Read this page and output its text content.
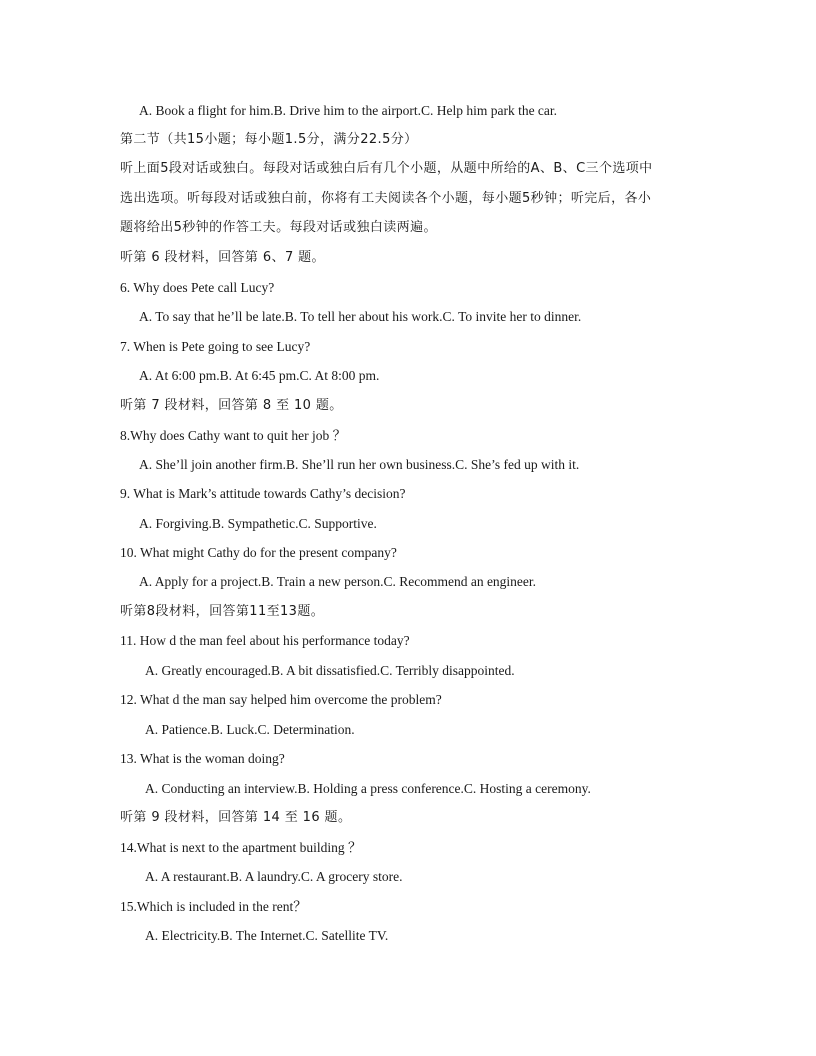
A. Book a flight for him.B. Drive him to the airport.C. Help him park the car.
第二节（共15小题；每小题1.5分，满分22.5分）
听上面5段对话或独白。每段对话或独白后有几个小题，从题中所给的A、B、C三个选项中
选出选项。听每段对话或独白前，你将有工夫阅读各个小题，每小题5秒钟；听完后，各小
题将给出5秒钟的作答工夫。每段对话或独白读两遍。
听第 6 段材料，回答第 6、7 题。
6. Why does Pete call Lucy?
A. To say that he’ll be late.B. To tell her about his work.C. To invite her to dinner.
7. When is Pete going to see Lucy?
A. At 6:00 pm.B. At 6:45 pm.C. At 8:00 pm.
听第 7 段材料，回答第 8 至 10 题。
8.Why does Cathy want to quit her job ？
A. She’ll join another firm.B. She’ll run her own business.C. She’s fed up with it.
9. What is Mark’s attitude towards Cathy’s decision?
A. Forgiving.B. Sympathetic.C. Supportive.
10. What might Cathy do for the present company?
A. Apply for a project.B. Train a new person.C. Recommend an engineer.
听第8段材料，回答第11至13题。
11. How d the man feel about his performance today?
A. Greatly encouraged.B. A bit dissatisfied.C. Terribly disappointed.
12. What d the man say helped him overcome the problem?
A. Patience.B. Luck.C. Determination.
13. What is the woman doing?
A. Conducting an interview.B. Holding a press conference.C. Hosting a ceremony.
听第 9 段材料，回答第 14 至 16 题。
14.What is next to the apartment building ？
A. A restaurant.B. A laundry.C. A grocery store.
15.Which is included in the rent？
A. Electricity.B. The Internet.C. Satellite TV.
